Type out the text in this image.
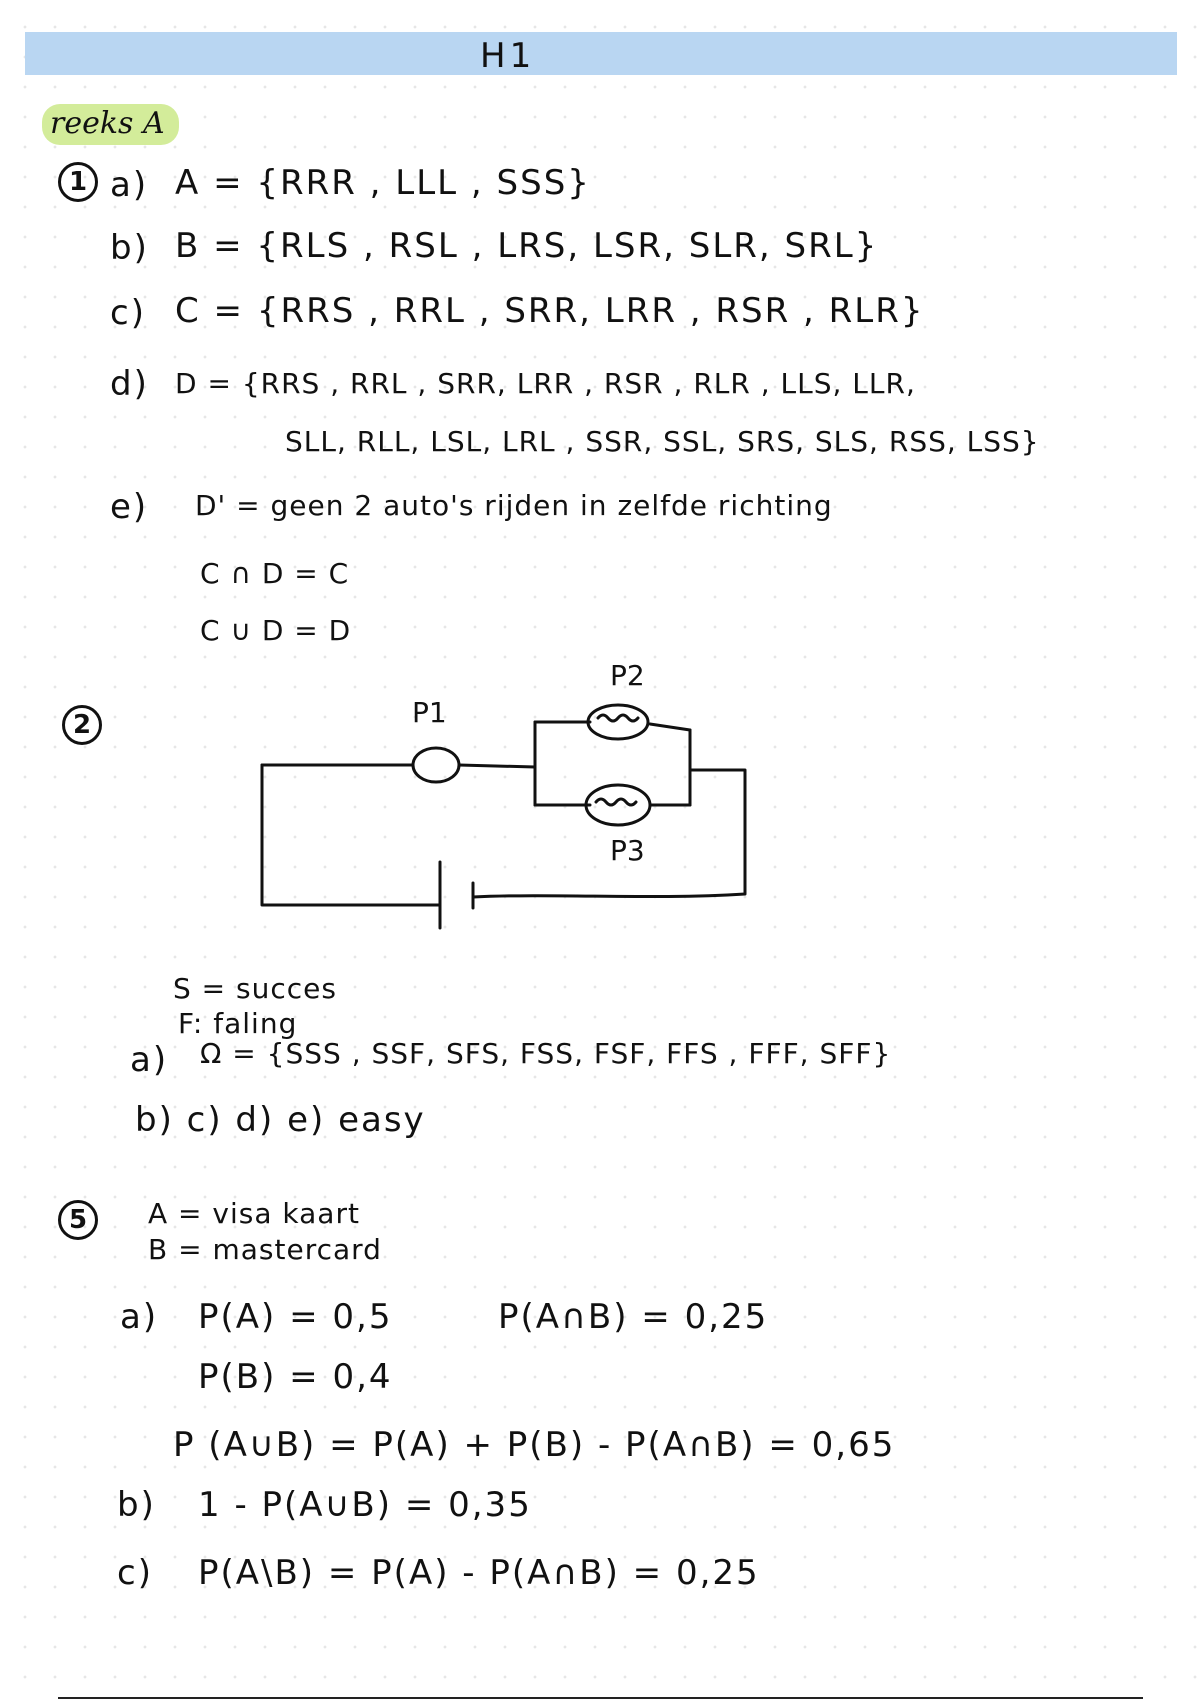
H1
reeks A
1 a) A = {RRR , LLL , SSS}
b) B = {RLS , RSL , LRS, LSR, SLR, SRL}
c) C = {RRS , RRL , SRR, LRR , RSR , RLR}
d) D = {RRS , RRL , SRR, LRR , RSR , RLR , LLS, LLR,
SLL, RLL, LSL, LRL , SSR, SSL, SRS, SLS, RSS, LSS}
e) D' = geen 2 auto's rijden in zelfde richting
C ∩ D = C
C ∪ D = D
2	P1
P2
P3
S = succes
F: faling
a) Ω = {SSS , SSF, SFS, FSS, FSF, FFS , FFF, SFF}
b) c) d) e) easy
5	A = visa kaart
B = mastercard
a) P(A) = 0,5	P(A∩B) = 0,25
P(B) = 0,4
P (A∪B) = P(A) + P(B) - P(A∩B) = 0,65
b) 1 - P(A∪B) = 0,35
c) P(A\B) = P(A) - P(A∩B) = 0,25
